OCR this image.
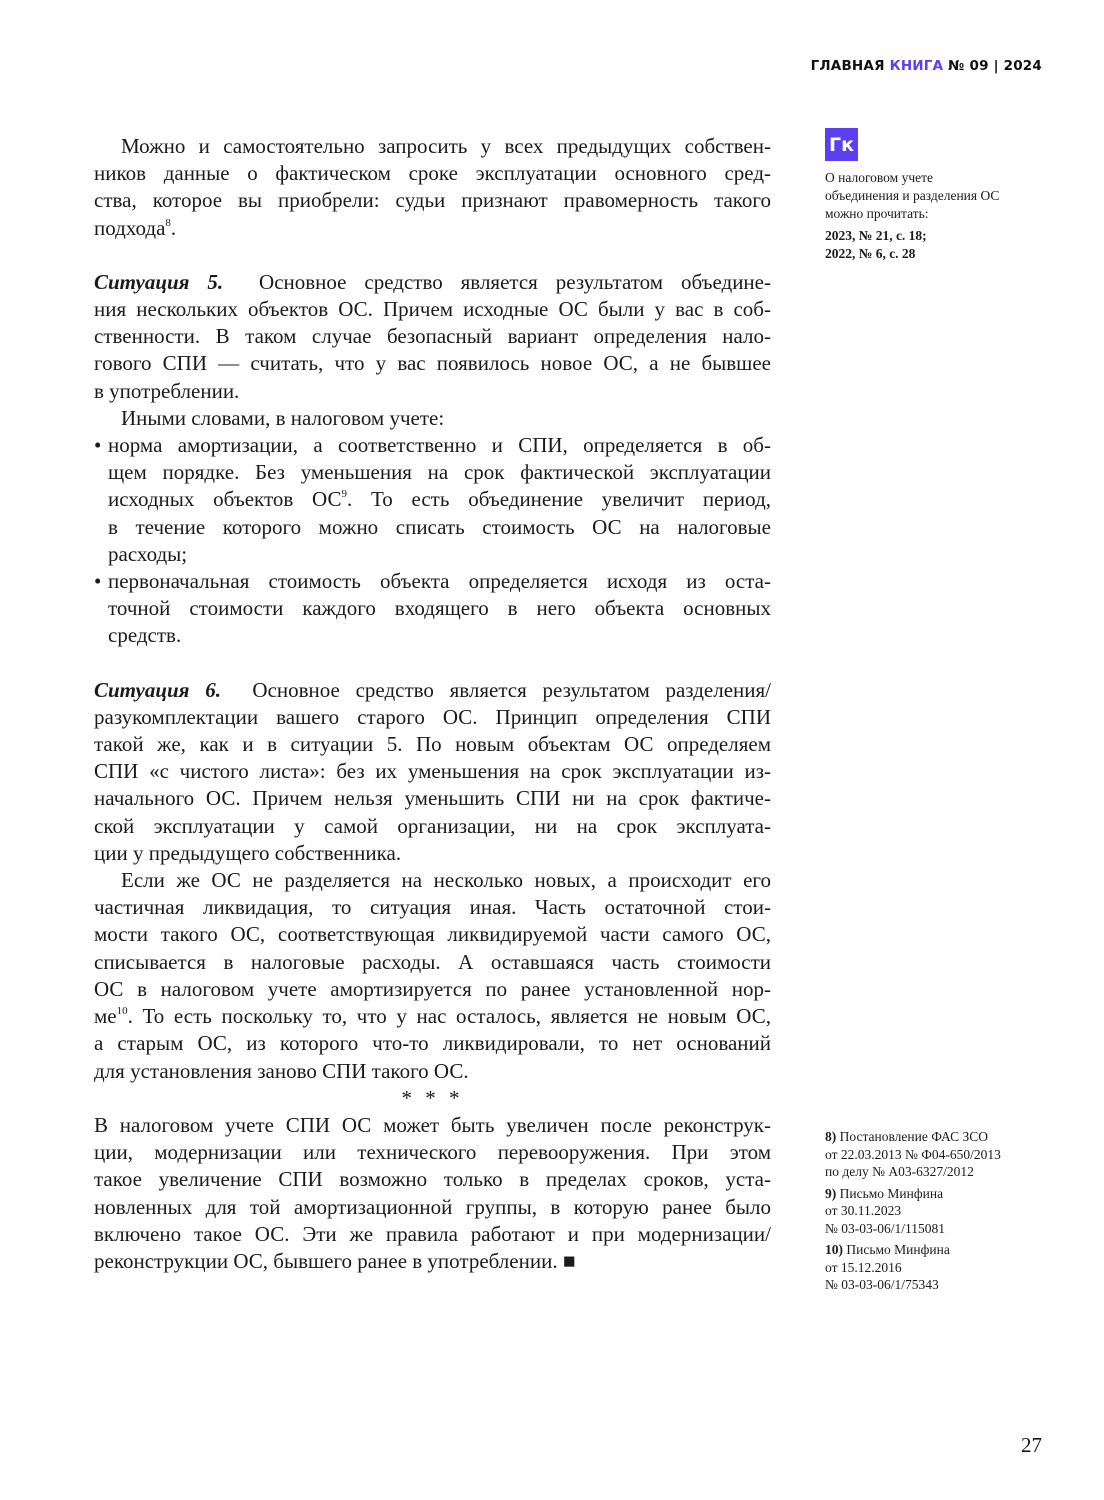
ГЛАВНАЯ КНИГА № 09 | 2024
Можно и самостоятельно запросить у всех предыдущих собствен-
ников данные о фактическом сроке эксплуатации основного сред-
ства, которое вы приобрели: судьи признают правомерность такого
подхода$^8$.
Ситуация 5.  Основное средство является результатом объедине-
ния нескольких объектов ОС. Причем исходные ОС были у вас в соб-
ственности. В таком случае безопасный вариант определения нало-
гового СПИ — считать, что у вас появилось новое ОС, а не бывшее
в употреблении.
Иными словами, в налоговом учете:
• норма амортизации, а соответственно и СПИ, определяется в об-
щем порядке. Без уменьшения на срок фактической эксплуатации
исходных объектов $ОС^9$. То есть объединение увеличит период,
в течение которого можно списать стоимость ОС на налоговые
расходы;
• первоначальная стоимость объекта определяется исходя из оста-
точной стоимости каждого входящего в него объекта основных
средств.
Ситуация 6.  Основное средство является результатом разделения/
разукомплектации вашего старого ОС. Принцип определения СПИ
такой же, как и в ситуации 5. По новым объектам ОС определяем
СПИ «с чистого листа»: без их уменьшения на срок эксплуатации из-
начального ОС. Причем нельзя уменьшить СПИ ни на срок фактиче-
ской эксплуатации у самой организации, ни на срок эксплуата-
ции у предыдущего собственника.
Если же ОС не разделяется на несколько новых, а происходит его
частичная ликвидация, то ситуация иная. Часть остаточной стои-
мости такого ОС, соответствующая ликвидируемой части самого ОС,
списывается в налоговые расходы. А оставшаяся часть стоимости
ОС в налоговом учете амортизируется по ранее установленной нор-
$ме^{10}$. То есть поскольку то, что у нас осталось, является не новым ОС,
а старым ОС, из которого что-то ликвидировали, то нет оснований
для установления заново СПИ такого ОС.
* * *
В налоговом учете СПИ ОС может быть увеличен после реконструк-
ции, модернизации или технического перевооружения. При этом
такое увеличение СПИ возможно только в пределах сроков, уста-
новленных для той амортизационной группы, в которую ранее было
включено такое ОС. Эти же правила работают и при модернизации/
реконструкции ОС, бывшего ранее в употреблении. ■
Гк
О налоговом учете
объединения и разделения ОС
можно прочитать:
2023, № 21, с. 18;
2022, № 6, с. 28
8) Постановление ФАС ЗСО
от 22.03.2013 № Ф04-650/2013
по делу № А03-6327/2012
9) Письмо Минфина
от 30.11.2023
№ 03-03-06/1/115081
10) Письмо Минфина
от 15.12.2016
№ 03-03-06/1/75343
27
